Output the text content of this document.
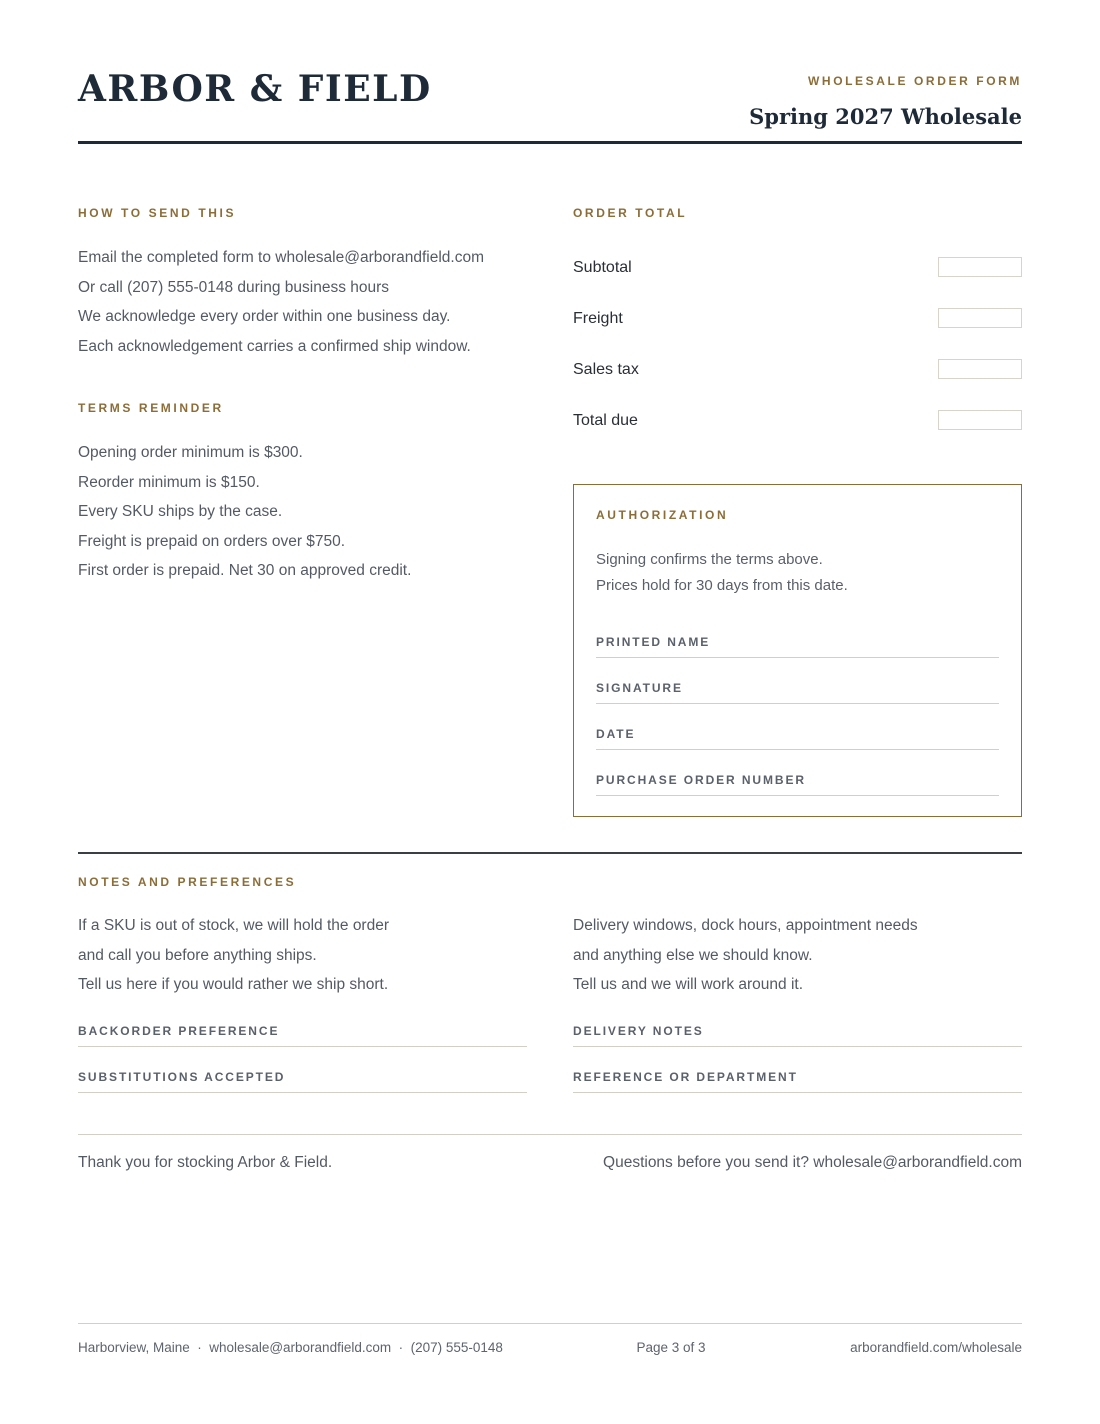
ARBOR & FIELD	WHOLESALE ORDER FORM
Spring 2027 Wholesale
HOW TO SEND THIS
Email the completed form to wholesale@arborandfield.com
Or call (207) 555-0148 during business hours
We acknowledge every order within one business day.
Each acknowledgement carries a confirmed ship window.
TERMS REMINDER
Opening order minimum is $300.
Reorder minimum is $150.
Every SKU ships by the case.
Freight is prepaid on orders over $750.
First order is prepaid. Net 30 on approved credit.
ORDER TOTAL
Subtotal
Freight
Sales tax
Total due
AUTHORIZATION
Signing confirms the terms above.
Prices hold for 30 days from this date.
PRINTED NAME
SIGNATURE
DATE
PURCHASE ORDER NUMBER
NOTES AND PREFERENCES
If a SKU is out of stock, we will hold the order
and call you before anything ships.
Tell us here if you would rather we ship short.
Delivery windows, dock hours, appointment needs
and anything else we should know.
Tell us and we will work around it.
BACKORDER PREFERENCE
SUBSTITUTIONS ACCEPTED
DELIVERY NOTES
REFERENCE OR DEPARTMENT
Thank you for stocking Arbor & Field.	Questions before you send it? wholesale@arborandfield.com
Harborview, Maine  ·  wholesale@arborandfield.com  ·  (207) 555-0148	Page 3 of 3	arborandfield.com/wholesale
